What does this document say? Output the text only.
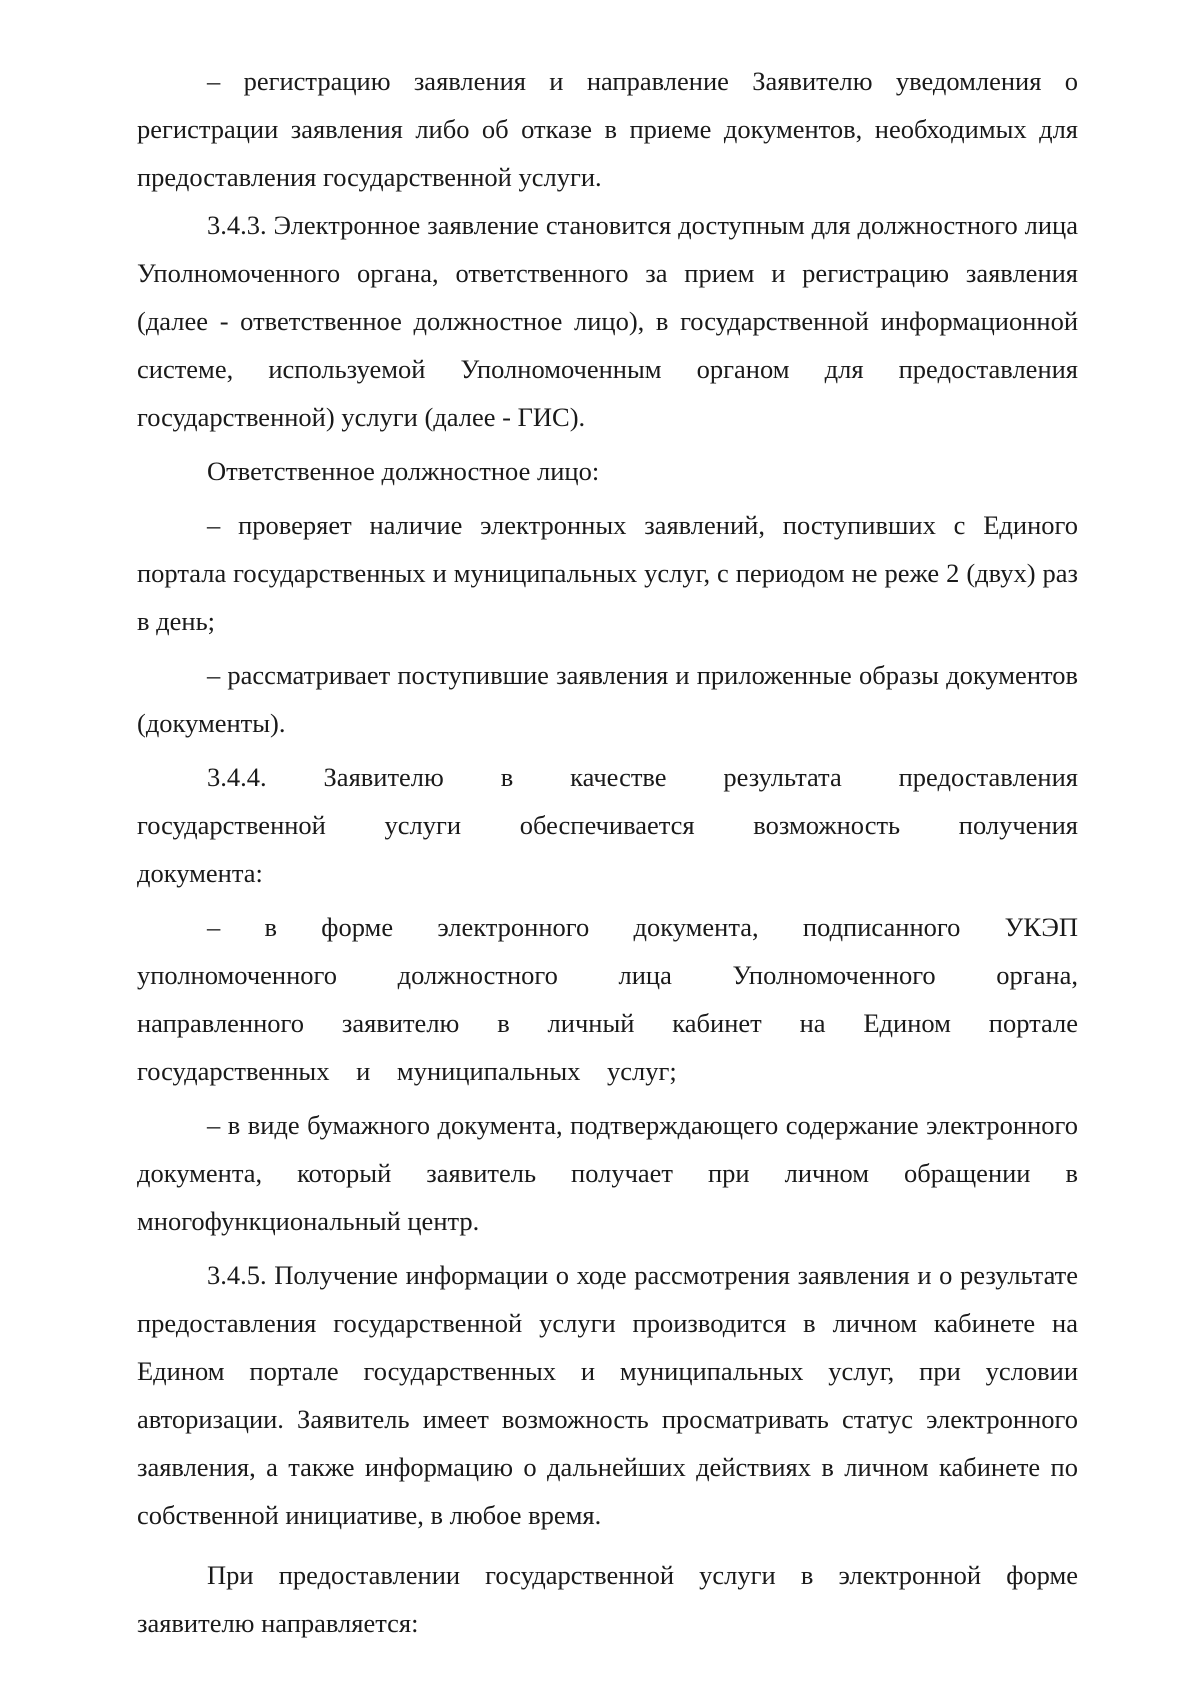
– регистрацию заявления и направление Заявителю уведомления о регистрации заявления либо об отказе в приеме документов, необходимых для предоставления государственной услуги.

3.4.3. Электронное заявление становится доступным для должностного лица Уполномоченного органа, ответственного за прием и регистрацию заявления (далее - ответственное должностное лицо), в государственной информационной системе, используемой Уполномоченным органом для предоставления государственной) услуги (далее - ГИС).

Ответственное должностное лицо:

– проверяет наличие электронных заявлений, поступивших с Единого портала государственных и муниципальных услуг, с периодом не реже 2 (двух) раз в день;

– рассматривает поступившие заявления и приложенные образы документов (документы).

3.4.4. Заявителю в качестве результата предоставления государственной услуги обеспечивается возможность получения документа:

– в форме электронного документа, подписанного УКЭП уполномоченного должностного лица Уполномоченного органа, направленного заявителю в личный кабинет на Едином портале государственных и муниципальных услуг;

– в виде бумажного документа, подтверждающего содержание электронного документа, который заявитель получает при личном обращении в многофункциональный центр.

3.4.5. Получение информации о ходе рассмотрения заявления и о результате предоставления государственной услуги производится в личном кабинете на Едином портале государственных и муниципальных услуг, при условии авторизации. Заявитель имеет возможность просматривать статус электронного заявления, а также информацию о дальнейших действиях в личном кабинете по собственной инициативе, в любое время.

При предоставлении государственной услуги в электронной форме заявителю направляется:
